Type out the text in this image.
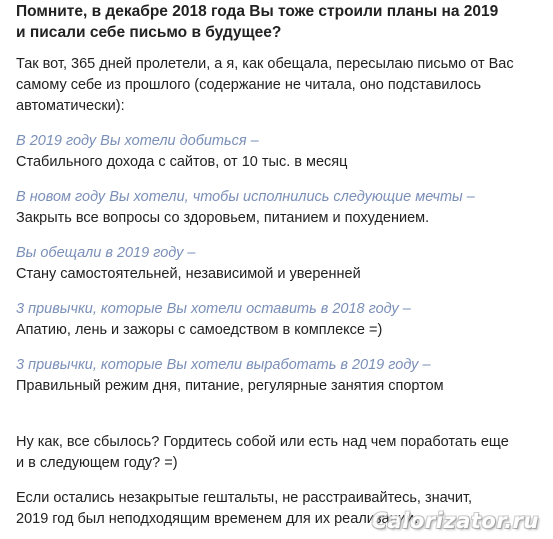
Помните, в декабре 2018 года Вы тоже строили планы на 2019
и писали себе письмо в будущее?

Так вот, 365 дней пролетели, а я, как обещала, пересылаю письмо от Вас
самому себе из прошлого (содержание не читала, оно подставилось
автоматически):

В 2019 году Вы хотели добиться –
Стабильного дохода с сайтов, от 10 тыс. в месяц
В новом году Вы хотели, чтобы исполнились следующие мечты –
Закрыть все вопросы со здоровьем, питанием и похудением.
Вы обещали в 2019 году –
Стану самостоятельней, независимой и уверенней
3 привычки, которые Вы хотели оставить в 2018 году –
Апатию, лень и зажоры с самоедством в комплексе =)
3 привычки, которые Вы хотели выработать в 2019 году –
Правильный режим дня, питание, регулярные занятия спортом

Ну как, все сбылось? Гордитесь собой или есть над чем поработать еще
и в следующем году? =)

Если остались незакрытые гештальты, не расстраивайтесь, значит,
2019 год был неподходящим временем для их реализации.

Calorizator.ru
